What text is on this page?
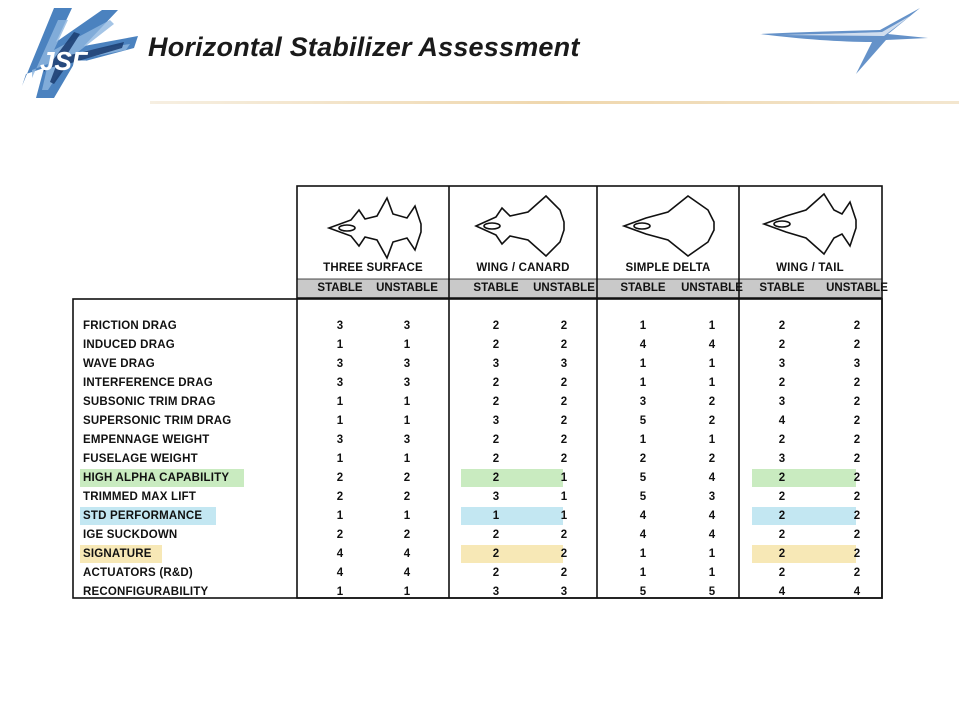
JSF Horizontal Stabilizer Assessment
THREE SURFACE
STABLE	UNSTABLE
WING / CANARD
STABLE	UNSTABLE
SIMPLE DELTA
STABLE	UNSTABLE
WING / TAIL
STABLE	UNSTABLE
FRICTION DRAG	3	3	2	2	1	1	2	2
INDUCED DRAG	1	1	2	2	4	4	2	2
WAVE DRAG	3	3	3	3	1	1	3	3
INTERFERENCE DRAG	3	3	2	2	1	1	2	2
SUBSONIC TRIM DRAG	1	1	2	2	3	2	3	2
SUPERSONIC TRIM DRAG	1	1	3	2	5	2	4	2
EMPENNAGE WEIGHT	3	3	2	2	1	1	2	2
FUSELAGE WEIGHT	1	1	2	2	2	2	3	2
HIGH ALPHA CAPABILITY	2	2	2	1	5	4	2	2
TRIMMED MAX LIFT	2	2	3	1	5	3	2	2
STD PERFORMANCE	1	1	1	1	4	4	2	2
IGE SUCKDOWN	2	2	2	2	4	4	2	2
SIGNATURE	4	4	2	2	1	1	2	2
ACTUATORS (R&D)	4	4	2	2	1	1	2	2
RECONFIGURABILITY	1	1	3	3	5	5	4	4
